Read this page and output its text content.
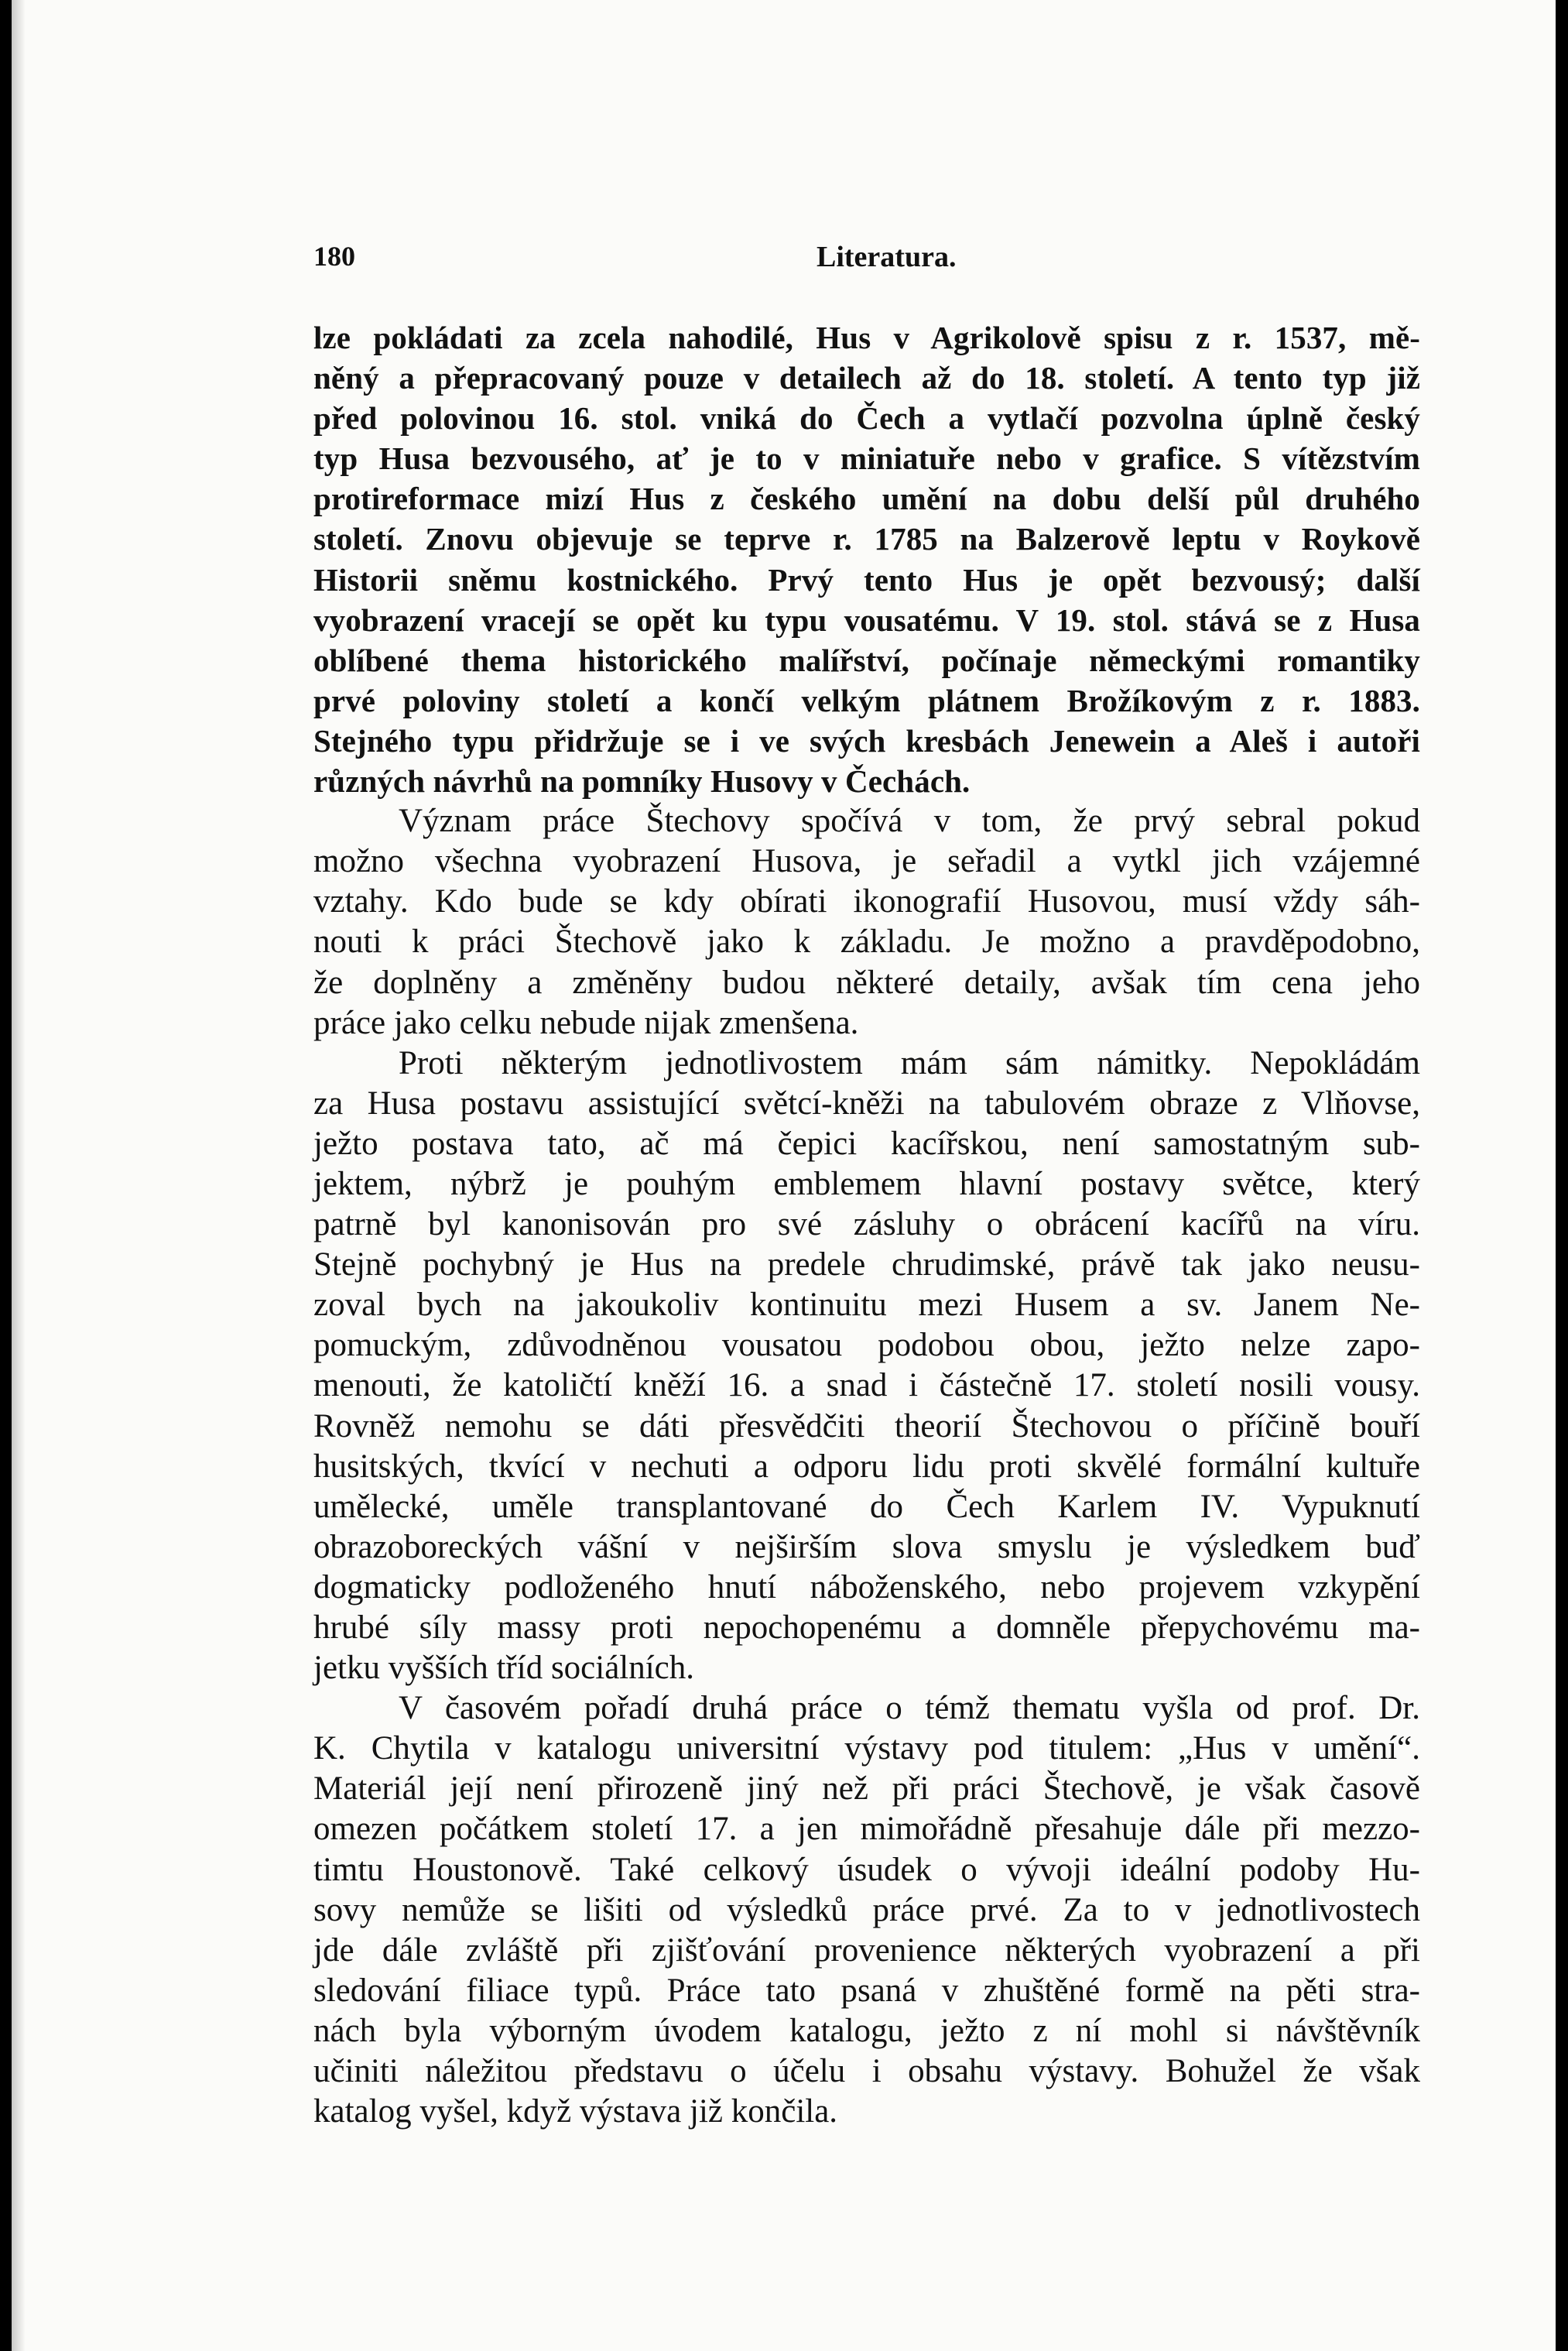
180	Literatura.
lze pokládati za zcela nahodilé, Hus v Agrikolově spisu z r. 1537, mě-
něný a přepracovaný pouze v detailech až do 18. století. A tento typ již
před polovinou 16. stol. vniká do Čech a vytlačí pozvolna úplně český
typ Husa bezvousého, ať je to v miniatuře nebo v grafice. S vítězstvím
protireformace mizí Hus z českého umění na dobu delší půl druhého
století. Znovu objevuje se teprve r. 1785 na Balzerově leptu v Roykově
Historii sněmu kostnického. Prvý tento Hus je opět bezvousý; další
vyobrazení vracejí se opět ku typu vousatému. V 19. stol. stává se z Husa
oblíbené thema historického malířství, počínaje německými romantiky
prvé poloviny století a končí velkým plátnem Brožíkovým z r. 1883.
Stejného typu přidržuje se i ve svých kresbách Jenewein a Aleš i autoři
různých návrhů na pomníky Husovy v Čechách.
Význam práce Štechovy spočívá v tom, že prvý sebral pokud
možno všechna vyobrazení Husova, je seřadil a vytkl jich vzájemné
vztahy. Kdo bude se kdy obírati ikonografií Husovou, musí vždy sáh-
nouti k práci Štechově jako k základu. Je možno a pravděpodobno,
že doplněny a změněny budou některé detaily, avšak tím cena jeho
práce jako celku nebude nijak zmenšena.
Proti některým jednotlivostem mám sám námitky. Nepokládám
za Husa postavu assistující světcí-kněži na tabulovém obraze z Vlňovse,
ježto postava tato, ač má čepici kacířskou, není samostatným sub-
jektem, nýbrž je pouhým emblemem hlavní postavy světce, který
patrně byl kanonisován pro své zásluhy o obrácení kacířů na víru.
Stejně pochybný je Hus na predele chrudimské, právě tak jako neusu-
zoval bych na jakoukoliv kontinuitu mezi Husem a sv. Janem Ne-
pomuckým, zdůvodněnou vousatou podobou obou, ježto nelze zapo-
menouti, že katoličtí kněží 16. a snad i částečně 17. století nosili vousy.
Rovněž nemohu se dáti přesvědčiti theorií Štechovou o příčině bouří
husitských, tkvící v nechuti a odporu lidu proti skvělé formální kultuře
umělecké, uměle transplantované do Čech Karlem IV. Vypuknutí
obrazoboreckých vášní v nejširším slova smyslu je výsledkem buď
dogmaticky podloženého hnutí náboženského, nebo projevem vzkypění
hrubé síly massy proti nepochopenému a domněle přepychovému ma-
jetku vyšších tříd sociálních.
V časovém pořadí druhá práce o témž thematu vyšla od prof. Dr.
K. Chytila v katalogu universitní výstavy pod titulem: „Hus v umění“.
Materiál její není přirozeně jiný než při práci Štechově, je však časově
omezen počátkem století 17. a jen mimořádně přesahuje dále při mezzo-
timtu Houstonově. Také celkový úsudek o vývoji ideální podoby Hu-
sovy nemůže se lišiti od výsledků práce prvé. Za to v jednotlivostech
jde dále zvláště při zjišťování provenience některých vyobrazení a při
sledování filiace typů. Práce tato psaná v zhuštěné formě na pěti stra-
nách byla výborným úvodem katalogu, ježto z ní mohl si návštěvník
učiniti náležitou představu o účelu i obsahu výstavy. Bohužel že však
katalog vyšel, když výstava již končila.
